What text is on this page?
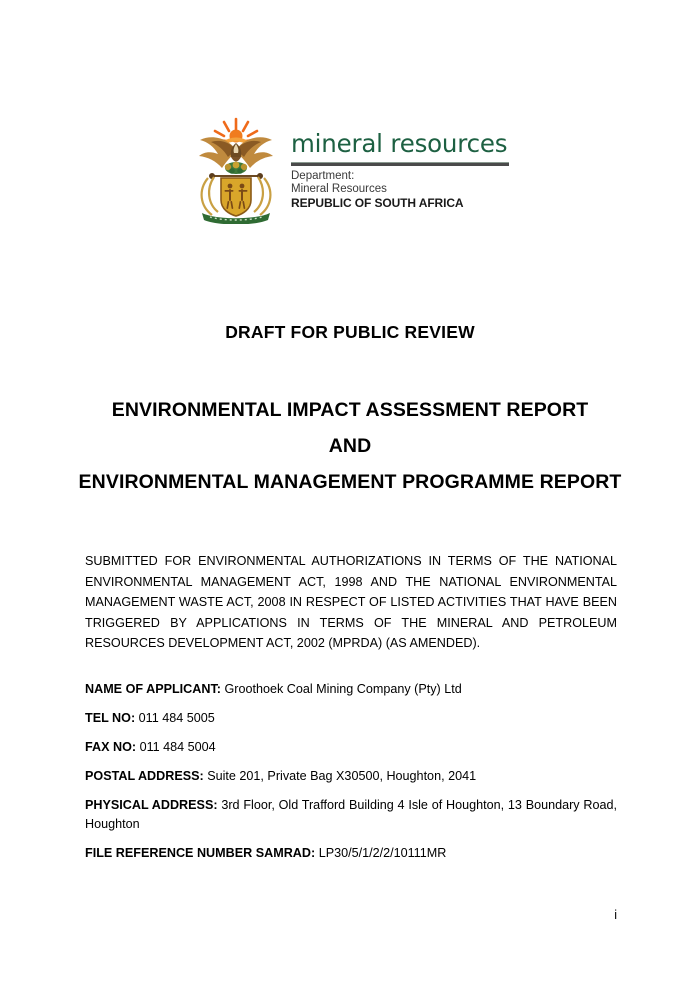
mineral resources
Department:
Mineral Resources
REPUBLIC OF SOUTH AFRICA
DRAFT FOR PUBLIC REVIEW
ENVIRONMENTAL IMPACT ASSESSMENT REPORT
AND
ENVIRONMENTAL MANAGEMENT PROGRAMME REPORT
SUBMITTED FOR ENVIRONMENTAL AUTHORIZATIONS IN TERMS OF THE NATIONAL ENVIRONMENTAL MANAGEMENT ACT, 1998 AND THE NATIONAL ENVIRONMENTAL MANAGEMENT WASTE ACT, 2008 IN RESPECT OF LISTED ACTIVITIES THAT HAVE BEEN TRIGGERED BY APPLICATIONS IN TERMS OF THE MINERAL AND PETROLEUM RESOURCES DEVELOPMENT ACT, 2002 (MPRDA) (AS AMENDED).
NAME OF APPLICANT: Groothoek Coal Mining Company (Pty) Ltd
TEL NO: 011 484 5005
FAX NO: 011 484 5004
POSTAL ADDRESS: Suite 201, Private Bag X30500, Houghton, 2041
PHYSICAL ADDRESS: 3rd Floor, Old Trafford Building 4 Isle of Houghton, 13 Boundary Road, Houghton
FILE REFERENCE NUMBER SAMRAD: LP30/5/1/2/2/10111MR
i
